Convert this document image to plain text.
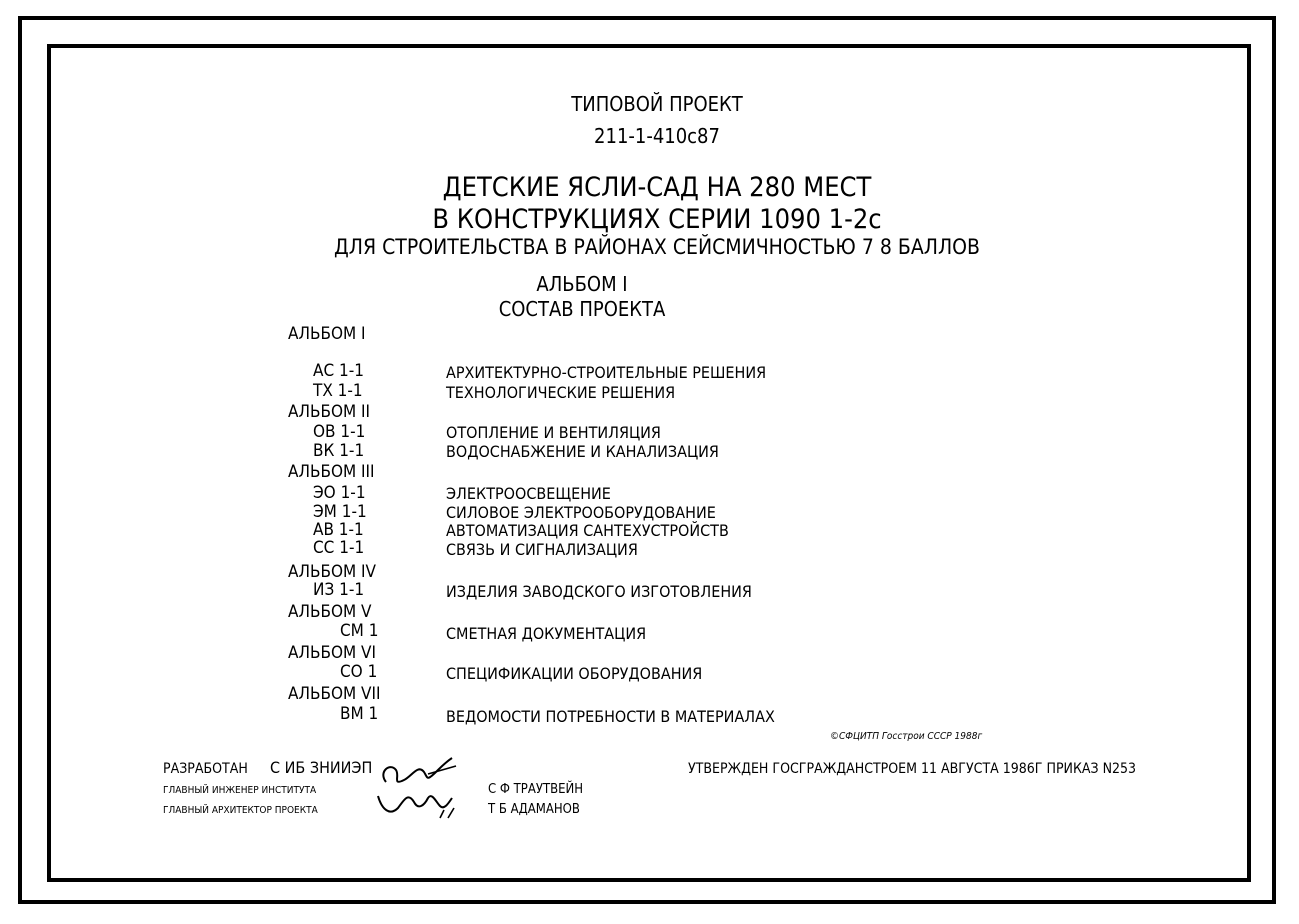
ТИПОВОЙ ПРОЕКТ
211-1-410с87
ДЕТСКИЕ ЯСЛИ-САД НА 280 МЕСТ
В КОНСТРУКЦИЯХ СЕРИИ 1090 1-2с
ДЛЯ СТРОИТЕЛЬСТВА В РАЙОНАХ СЕЙСМИЧНОСТЬЮ 7 8 БАЛЛОВ
АЛЬБОМ I
СОСТАВ ПРОЕКТА
АЛЬБОМ I
АС 1-1	АРХИТЕКТУРНО-СТРОИТЕЛЬНЫЕ РЕШЕНИЯ
ТХ 1-1	ТЕХНОЛОГИЧЕСКИЕ РЕШЕНИЯ
АЛЬБОМ II
ОВ 1-1	ОТОПЛЕНИЕ И ВЕНТИЛЯЦИЯ
ВК 1-1	ВОДОСНАБЖЕНИЕ И КАНАЛИЗАЦИЯ
АЛЬБОМ III
ЭО 1-1	ЭЛЕКТРООСВЕЩЕНИЕ
ЭМ 1-1	СИЛОВОЕ ЭЛЕКТРООБОРУДОВАНИЕ
АВ 1-1	АВТОМАТИЗАЦИЯ САНТЕХУСТРОЙСТВ
СС 1-1	СВЯЗЬ И СИГНАЛИЗАЦИЯ
АЛЬБОМ IV
ИЗ 1-1	ИЗДЕЛИЯ ЗАВОДСКОГО ИЗГОТОВЛЕНИЯ
АЛЬБОМ V
СМ 1	СМЕТНАЯ ДОКУМЕНТАЦИЯ
АЛЬБОМ VI
СО 1	СПЕЦИФИКАЦИИ ОБОРУДОВАНИЯ
АЛЬБОМ VII
ВМ 1	ВЕДОМОСТИ ПОТРЕБНОСТИ В МАТЕРИАЛАХ
©СФЦИТП Госстрои СССР 1988г
РАЗРАБОТАН С ИБ ЗНИИЭП
ГЛАВНЫЙ ИНЖЕНЕР ИНСТИТУТА
ГЛАВНЫЙ АРХИТЕКТОР ПРОЕКТА
С Ф ТРАУТВЕЙН
Т Б АДАМАНОВ
УТВЕРЖДЕН ГОСГРАЖДАНСТРОЕМ 11 АВГУСТА 1986Г ПРИКАЗ N253
